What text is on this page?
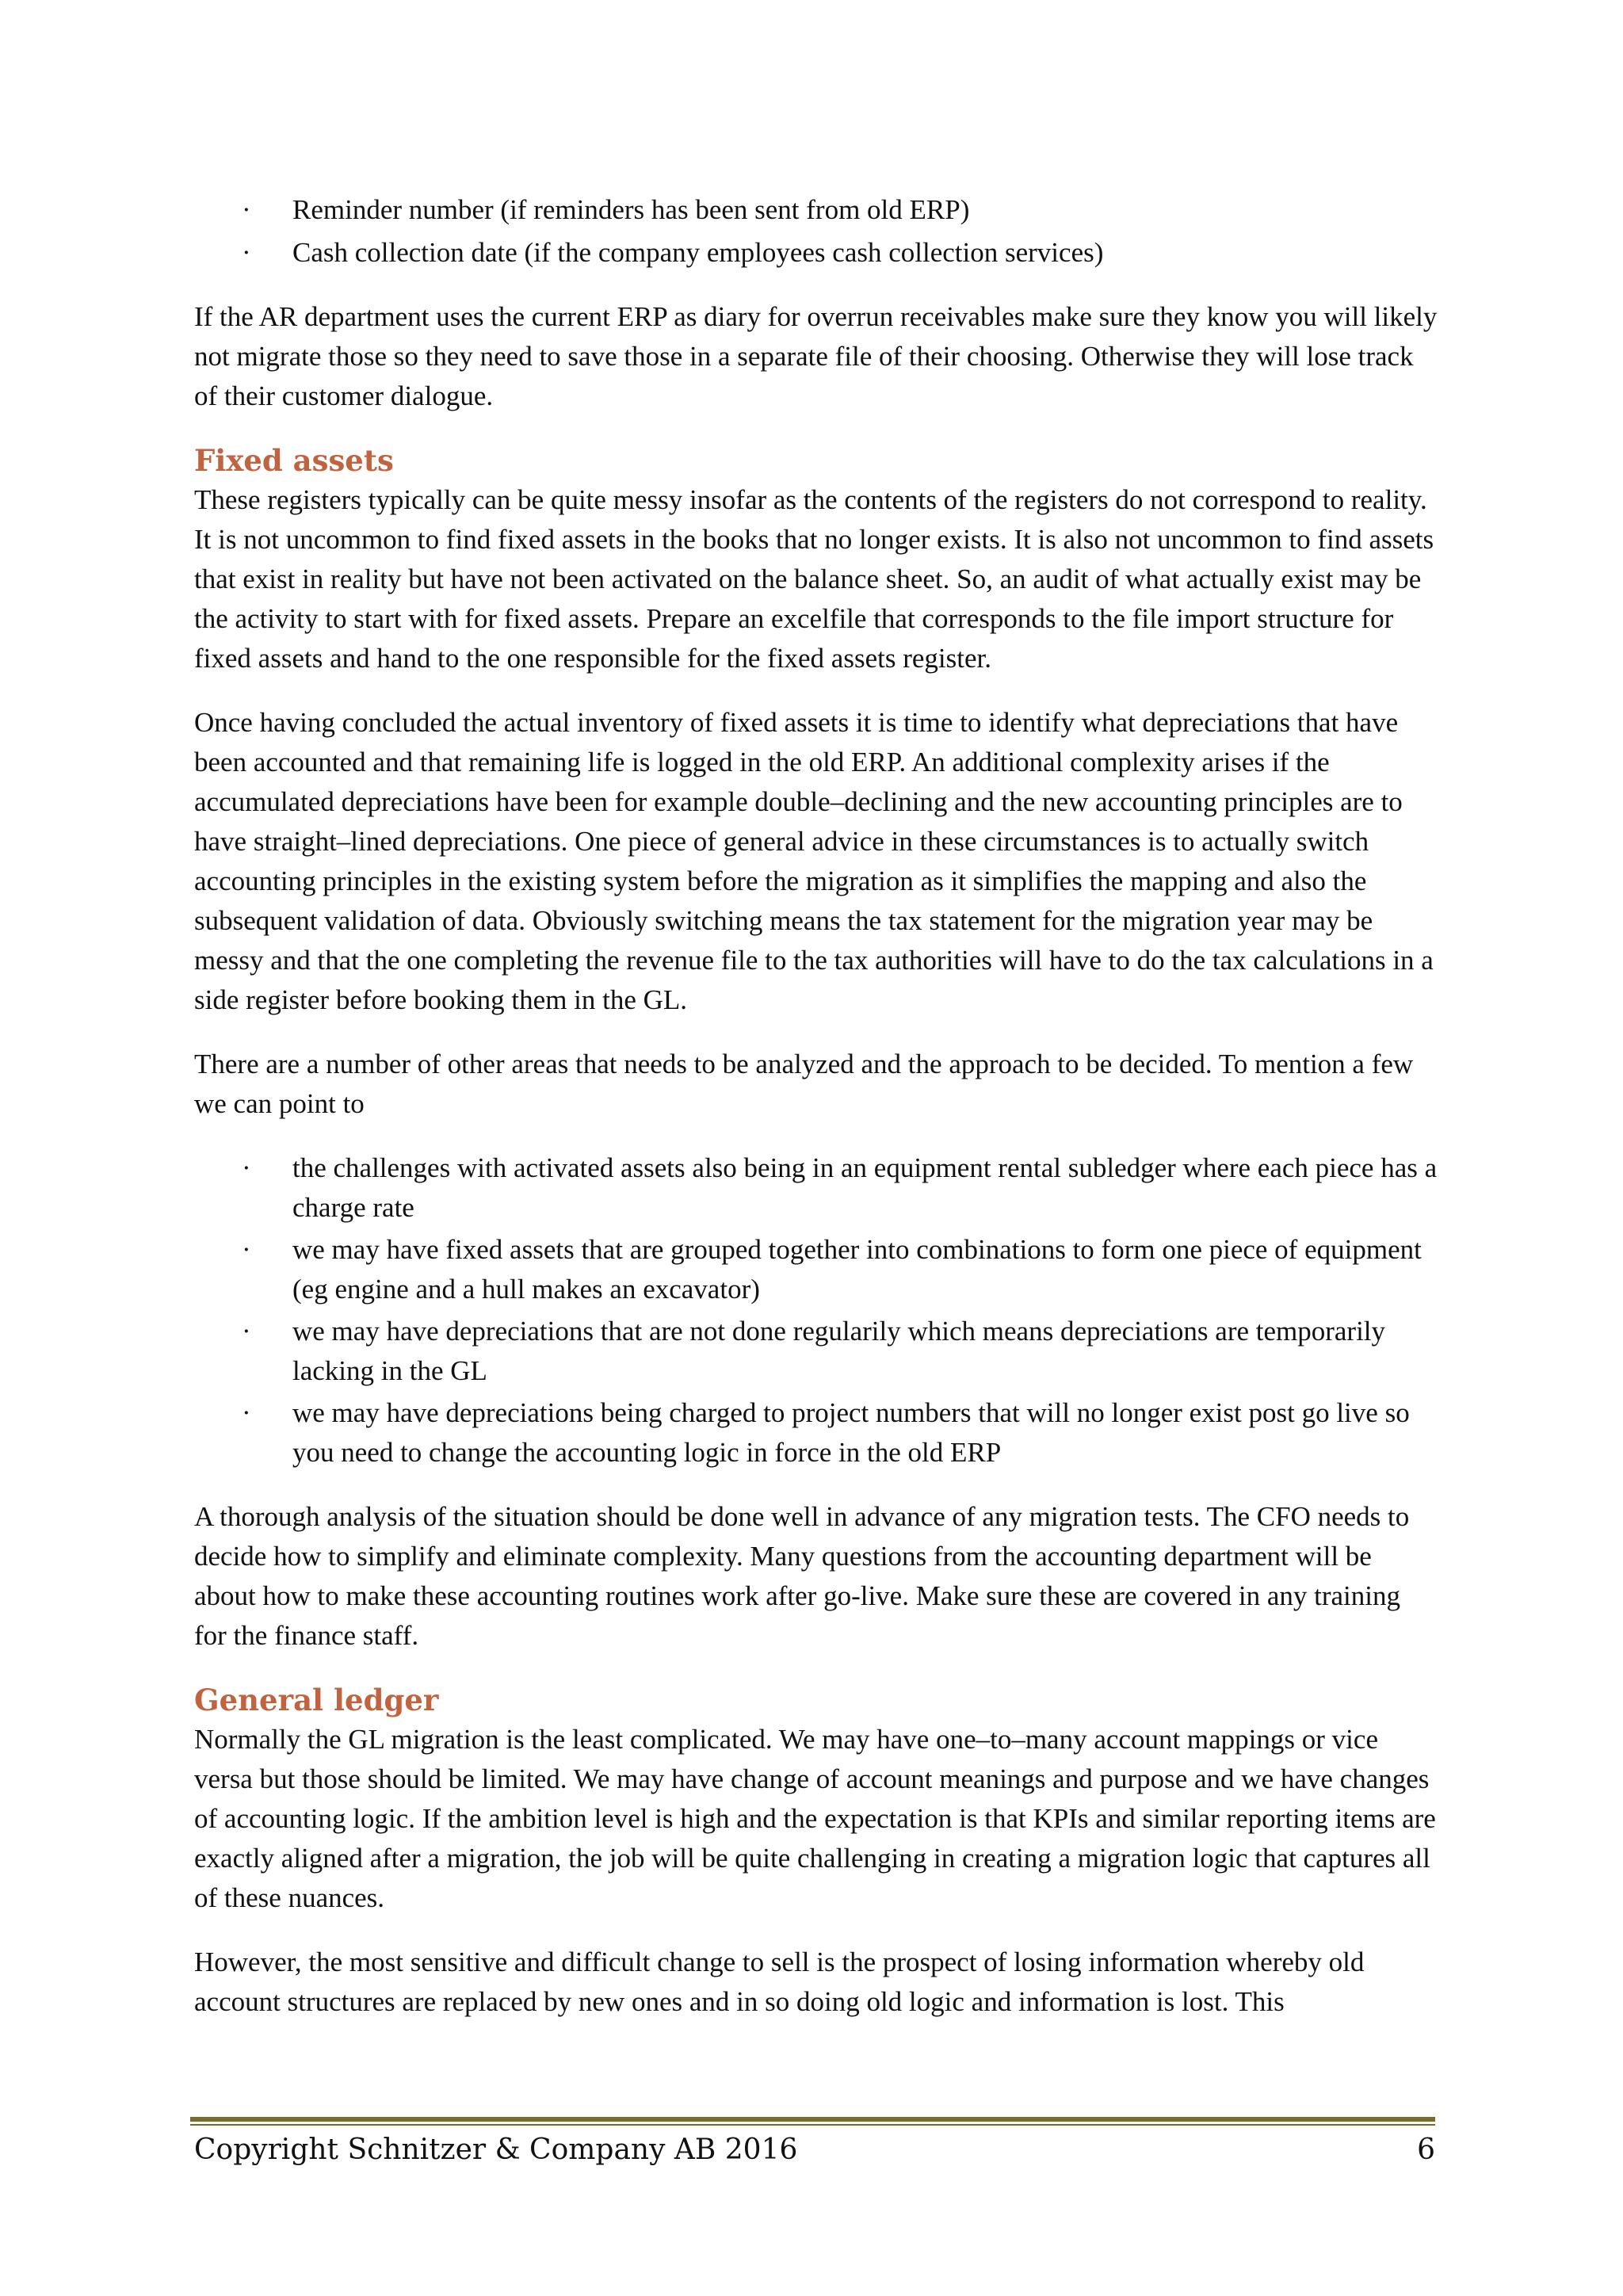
· Reminder number (if reminders has been sent from old ERP)
· Cash collection date (if the company employees cash collection services)

If the AR department uses the current ERP as diary for overrun receivables make sure they know you will likely not migrate those so they need to save those in a separate file of their choosing. Otherwise they will lose track of their customer dialogue.

Fixed assets

These registers typically can be quite messy insofar as the contents of the registers do not correspond to reality. It is not uncommon to find fixed assets in the books that no longer exists. It is also not uncommon to find assets that exist in reality but have not been activated on the balance sheet. So, an audit of what actually exist may be the activity to start with for fixed assets. Prepare an excelfile that corresponds to the file import structure for fixed assets and hand to the one responsible for the fixed assets register.

Once having concluded the actual inventory of fixed assets it is time to identify what depreciations that have been accounted and that remaining life is logged in the old ERP. An additional complexity arises if the accumulated depreciations have been for example double–declining and the new accounting principles are to have straight–lined depreciations. One piece of general advice in these circumstances is to actually switch accounting principles in the existing system before the migration as it simplifies the mapping and also the subsequent validation of data. Obviously switching means the tax statement for the migration year may be messy and that the one completing the revenue file to the tax authorities will have to do the tax calculations in a side register before booking them in the GL.

There are a number of other areas that needs to be analyzed and the approach to be decided. To mention a few we can point to

· the challenges with activated assets also being in an equipment rental subledger where each piece has a charge rate
· we may have fixed assets that are grouped together into combinations to form one piece of equipment (eg engine and a hull makes an excavator)
· we may have depreciations that are not done regularily which means depreciations are temporarily lacking in the GL
· we may have depreciations being charged to project numbers that will no longer exist post go live so you need to change the accounting logic in force in the old ERP

A thorough analysis of the situation should be done well in advance of any migration tests. The CFO needs to decide how to simplify and eliminate complexity. Many questions from the accounting department will be about how to make these accounting routines work after go-live. Make sure these are covered in any training for the finance staff.

General ledger

Normally the GL migration is the least complicated. We may have one–to–many account mappings or vice versa but those should be limited. We may have change of account meanings and purpose and we have changes of accounting logic. If the ambition level is high and the expectation is that KPIs and similar reporting items are exactly aligned after a migration, the job will be quite challenging in creating a migration logic that captures all of these nuances.

However, the most sensitive and difficult change to sell is the prospect of losing information whereby old account structures are replaced by new ones and in so doing old logic and information is lost. This

Copyright Schnitzer & Company AB 2016	6
